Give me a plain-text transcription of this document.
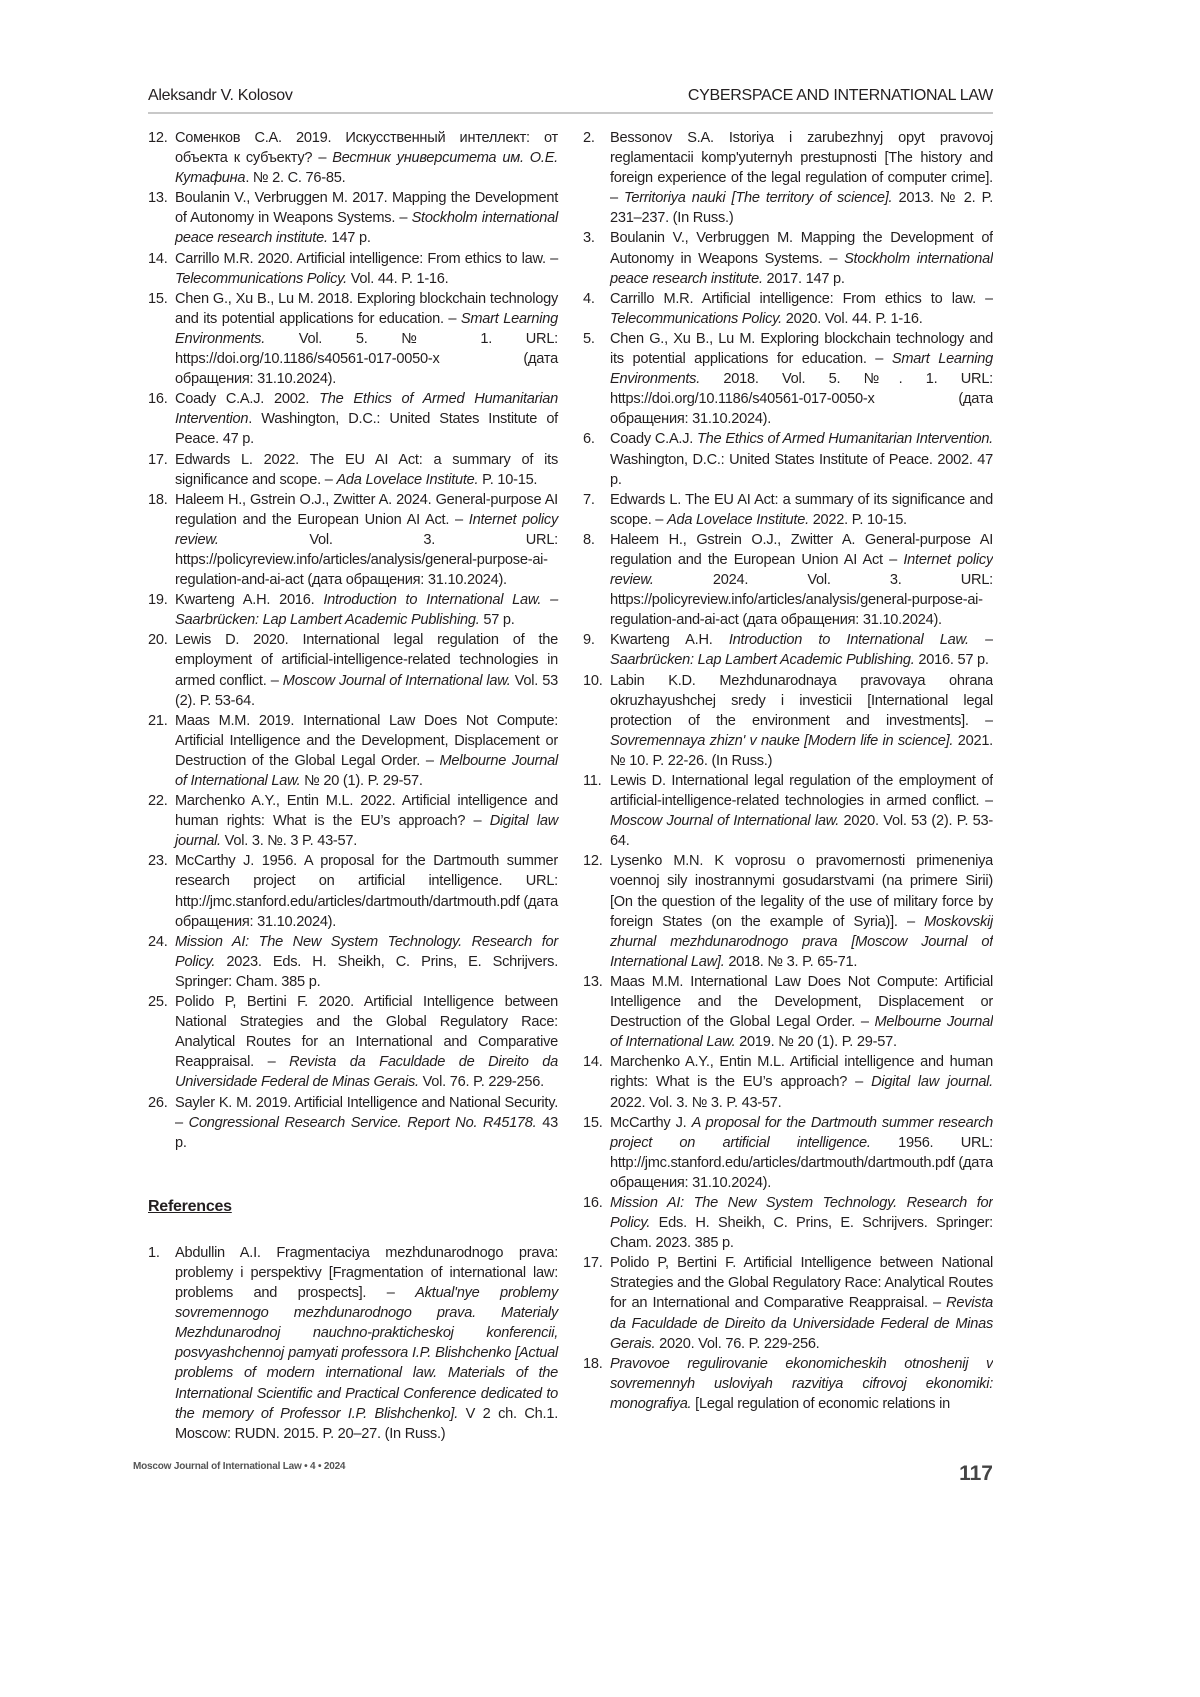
Aleksandr V. Kolosov	CYBERSPACE AND INTERNATIONAL LAW
12. Соменков С.А. 2019. Искусственный интеллект: от объекта к субъекту? – Вестник университета им. О.Е. Кутафина. № 2. С. 76-85.
13. Boulanin V., Verbruggen M. 2017. Mapping the Development of Autonomy in Weapons Systems. – Stockholm international peace research institute. 147 p.
14. Carrillo M.R. 2020. Artificial intelligence: From ethics to law. – Telecommunications Policy. Vol. 44. P. 1-16.
15. Chen G., Xu B., Lu M. 2018. Exploring blockchain technology and its potential applications for education. – Smart Learning Environments. Vol. 5. № 1. URL: https://doi.org/10.1186/s40561-017-0050-x (дата обращения: 31.10.2024).
16. Coady C.A.J. 2002. The Ethics of Armed Humanitarian Intervention. Washington, D.C.: United States Institute of Peace. 47 p.
17. Edwards L. 2022. The EU AI Act: a summary of its significance and scope. – Ada Lovelace Institute. P. 10-15.
18. Haleem H., Gstrein O.J., Zwitter A. 2024. General-purpose AI regulation and the European Union AI Act. – Internet policy review. Vol. 3. URL: https://policyreview.info/articles/analysis/general-purpose-ai-regulation-and-ai-act (дата обращения: 31.10.2024).
19. Kwarteng A.H. 2016. Introduction to International Law. – Saarbrücken: Lap Lambert Academic Publishing. 57 p.
20. Lewis D. 2020. International legal regulation of the employment of artificial-intelligence-related technologies in armed conflict. – Moscow Journal of International law. Vol. 53 (2). P. 53-64.
21. Maas M.M. 2019. International Law Does Not Compute: Artificial Intelligence and the Development, Displacement or Destruction of the Global Legal Order. – Melbourne Journal of International Law. № 20 (1). P. 29-57.
22. Marchenko A.Y., Entin M.L. 2022. Artificial intelligence and human rights: What is the EU’s approach? – Digital law journal. Vol. 3. №. 3 P. 43-57.
23. McCarthy J. 1956. A proposal for the Dartmouth summer research project on artificial intelligence. URL: http://jmc.stanford.edu/articles/dartmouth/dartmouth.pdf (дата обращения: 31.10.2024).
24. Mission AI: The New System Technology. Research for Policy. 2023. Eds. H. Sheikh, C. Prins, E. Schrijvers. Springer: Cham. 385 p.
25. Polido P, Bertini F. 2020. Artificial Intelligence between National Strategies and the Global Regulatory Race: Analytical Routes for an International and Comparative Reappraisal. – Revista da Faculdade de Direito da Universidade Federal de Minas Gerais. Vol. 76. P. 229-256.
26. Sayler K. M. 2019. Artificial Intelligence and National Security. – Congressional Research Service. Report No. R45178. 43 p.
References
1.	Abdullin A.I. Fragmentaciya mezhdunarodnogo prava: problemy i perspektivy [Fragmentation of international law: problems and prospects]. – Aktual'nye problemy sovremennogo mezhdunarodnogo prava. Materialy Mezhdunarodnoj nauchno-prakticheskoj konferencii, posvyashchennoj pamyati professora I.P. Blishchenko [Actual problems of modern international law. Materials of the International Scientific and Practical Conference dedicated to the memory of Professor I.P. Blishchenko]. V 2 ch. Ch.1. Moscow: RUDN. 2015. P. 20–27. (In Russ.)
2.	Bessonov S.A. Istoriya i zarubezhnyj opyt pravovoj reglamentacii komp'yuternyh prestupnosti [The history and foreign experience of the legal regulation of computer crime]. – Territoriya nauki [The territory of science]. 2013. № 2. P. 231–237. (In Russ.)
3.	Boulanin V., Verbruggen M. Mapping the Development of Autonomy in Weapons Systems. – Stockholm international peace research institute. 2017. 147 p.
4.	Carrillo M.R. Artificial intelligence: From ethics to law. – Telecommunications Policy. 2020. Vol. 44. P. 1-16.
5.	Chen G., Xu B., Lu M. Exploring blockchain technology and its potential applications for education. – Smart Learning Environments. 2018. Vol. 5. №. 1. URL: https://doi.org/10.1186/s40561-017-0050-x (дата обращения: 31.10.2024).
6.	Coady C.A.J. The Ethics of Armed Humanitarian Intervention. Washington, D.C.: United States Institute of Peace. 2002. 47 p.
7.	Edwards L. The EU AI Act: a summary of its significance and scope. – Ada Lovelace Institute. 2022. P. 10-15.
8.	Haleem H., Gstrein O.J., Zwitter A. General-purpose AI regulation and the European Union AI Act – Internet policy review. 2024. Vol. 3. URL: https://policyreview.info/articles/analysis/general-purpose-ai-regulation-and-ai-act (дата обращения: 31.10.2024).
9.	Kwarteng A.H. Introduction to International Law. – Saarbrücken: Lap Lambert Academic Publishing. 2016. 57 p.
10. Labin K.D. Mezhdunarodnaya pravovaya ohrana okruzhayushchej sredy i investicii [International legal protection of the environment and investments]. – Sovremennaya zhizn' v nauke [Modern life in science]. 2021. № 10. P. 22-26. (In Russ.)
11. Lewis D. International legal regulation of the employment of artificial-intelligence-related technologies in armed conflict. – Moscow Journal of International law. 2020. Vol. 53 (2). P. 53-64.
12. Lysenko M.N. K voprosu o pravomernosti primeneniya voennoj sily inostrannymi gosudarstvami (na primere Sirii) [On the question of the legality of the use of military force by foreign States (on the example of Syria)]. – Moskovskij zhurnal mezhdunarodnogo prava [Moscow Journal of International Law]. 2018. № 3. P. 65-71.
13. Maas M.M. International Law Does Not Compute: Artificial Intelligence and the Development, Displacement or Destruction of the Global Legal Order. – Melbourne Journal of International Law. 2019. № 20 (1). P. 29-57.
14. Marchenko A.Y., Entin M.L. Artificial intelligence and human rights: What is the EU’s approach? – Digital law journal. 2022. Vol. 3. № 3. P. 43-57.
15. McCarthy J. A proposal for the Dartmouth summer research project on artificial intelligence. 1956. URL: http://jmc.stanford.edu/articles/dartmouth/dartmouth.pdf (дата обращения: 31.10.2024).
16. Mission AI: The New System Technology. Research for Policy. Eds. H. Sheikh, C. Prins, E. Schrijvers. Springer: Cham. 2023. 385 p.
17. Polido P, Bertini F. Artificial Intelligence between National Strategies and the Global Regulatory Race: Analytical Routes for an International and Comparative Reappraisal. – Revista da Faculdade de Direito da Universidade Federal de Minas Gerais. 2020. Vol. 76. P. 229-256.
18. Pravovoe regulirovanie ekonomicheskih otnoshenij v sovremennyh usloviyah razvitiya cifrovoj ekonomiki: monografiya. [Legal regulation of economic relations in
Moscow Journal of International Law • 4 • 2024	117
